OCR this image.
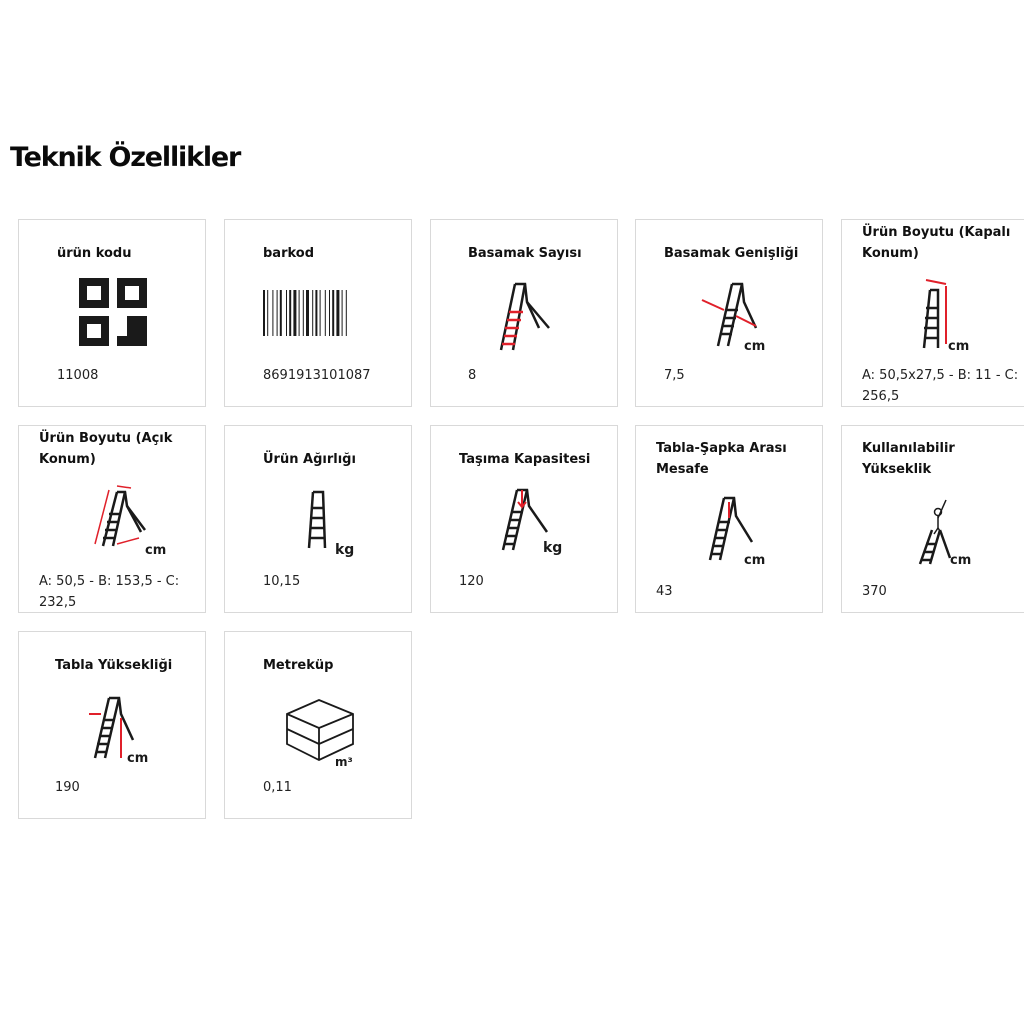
Teknik Özellikler
ürün kodu
11008
barkod
8691913101087
Basamak Sayısı
8
Basamak Genişliği
cm
7,5
Ürün Boyutu (Kapalı Konum)
cm
A: 50,5x27,5 - B: 11 - C: 256,5
Ürün Boyutu (Açık Konum)
cm
A: 50,5 - B: 153,5 - C: 232,5
Ürün Ağırlığı
kg
10,15
Taşıma Kapasitesi
kg
120
Tabla-Şapka Arası Mesafe
cm
43
Kullanılabilir Yükseklik
cm
370
Tabla Yüksekliği
cm
190
Metreküp
m³
0,11
